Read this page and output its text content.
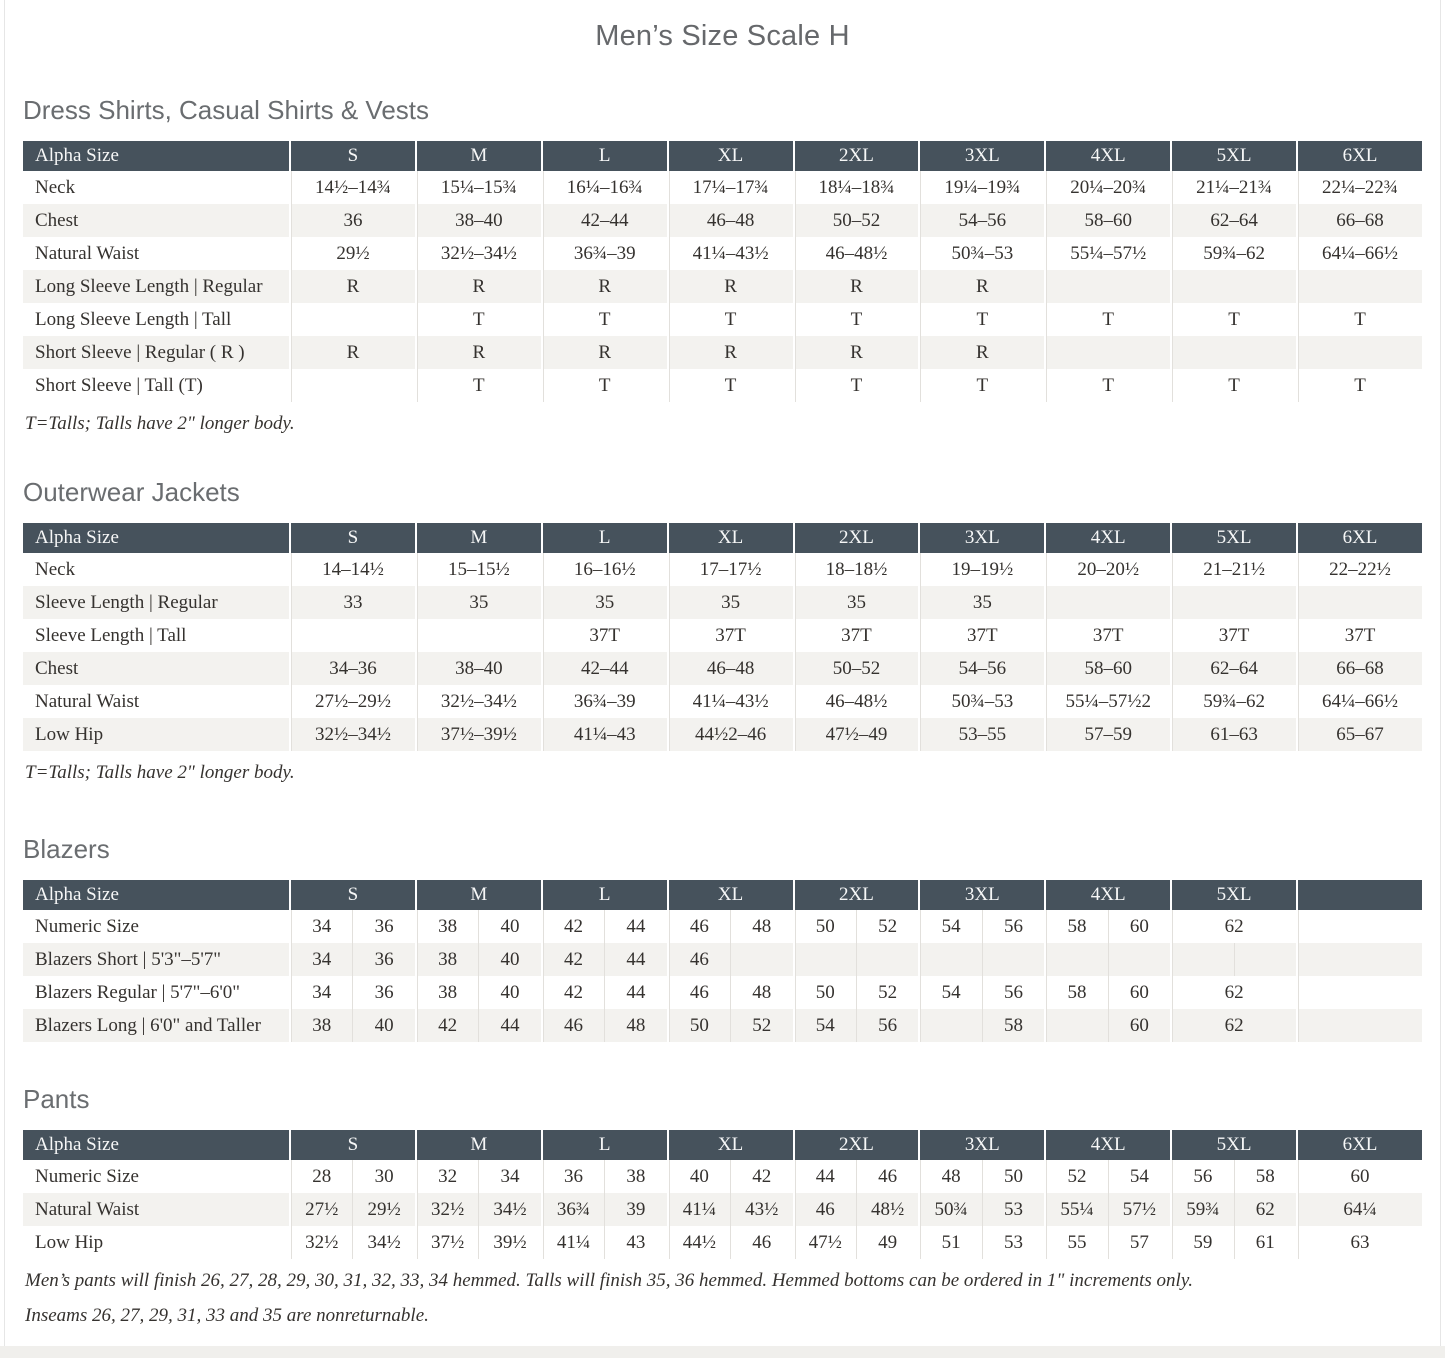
Men’s Size Scale H
Dress Shirts, Casual Shirts & Vests
Alpha Size	S	M	L	XL	2XL	3XL	4XL	5XL	6XL
Neck	14½–14¾	15¼–15¾	16¼–16¾	17¼–17¾	18¼–18¾	19¼–19¾	20¼–20¾	21¼–21¾	22¼–22¾
Chest	36	38–40	42–44	46–48	50–52	54–56	58–60	62–64	66–68
Natural Waist	29½	32½–34½	36¾–39	41¼–43½	46–48½	50¾–53	55¼–57½	59¾–62	64¼–66½
Long Sleeve Length | Regular	R	R	R	R	R	R			
Long Sleeve Length | Tall		T	T	T	T	T	T	T	T
Short Sleeve | Regular ( R )	R	R	R	R	R	R			
Short Sleeve | Tall (T)		T	T	T	T	T	T	T	T

T=Talls; Talls have 2" longer body.

Outerwear Jackets
Alpha Size	S	M	L	XL	2XL	3XL	4XL	5XL	6XL
Neck	14–14½	15–15½	16–16½	17–17½	18–18½	19–19½	20–20½	21–21½	22–22½
Sleeve Length | Regular	33	35	35	35	35	35			
Sleeve Length | Tall			37T	37T	37T	37T	37T	37T	37T
Chest	34–36	38–40	42–44	46–48	50–52	54–56	58–60	62–64	66–68
Natural Waist	27½–29½	32½–34½	36¾–39	41¼–43½	46–48½	50¾–53	55¼–57½2	59¾–62	64¼–66½
Low Hip	32½–34½	37½–39½	41¼–43	44½2–46	47½–49	53–55	57–59	61–63	65–67

T=Talls; Talls have 2" longer body.

Blazers
Alpha Size	S	M	L	XL	2XL	3XL	4XL	5XL	
Numeric Size	34 36	38 40	42 44	46 48	50 52	54 56	58 60	62	
Blazers Short | 5'3"–5'7"	34 36	38 40	42 44	46					

Blazers Regular | 5'7"–6'0"	34 36	38 40	42 44	46 48	50 52	54 56	58 60	62	
Blazers Long | 6'0" and Taller	38 40	42 44	46 48	50 52	54 56	58	60	62	
Pants
Alpha Size	S	M	L	XL	2XL	3XL	4XL	5XL	6XL
Numeric Size	28 30	32 34	36 38	40 42	44 46	48 50	52 54	56 58	60
Natural Waist	27½ 29½	32½ 34½	36¾ 39	41¼ 43½	46 48½	50¾ 53	55¼ 57½	59¾ 62	64¼
Low Hip	32½ 34½	37½ 39½	41¼ 43	44½ 46	47½ 49	51 53	55 57	59 61	63

Men’s pants will finish 26, 27, 28, 29, 30, 31, 32, 33, 34 hemmed. Talls will finish 35, 36 hemmed. Hemmed bottoms can be ordered in 1" increments only.

Inseams 26, 27, 29, 31, 33 and 35 are nonreturnable.
